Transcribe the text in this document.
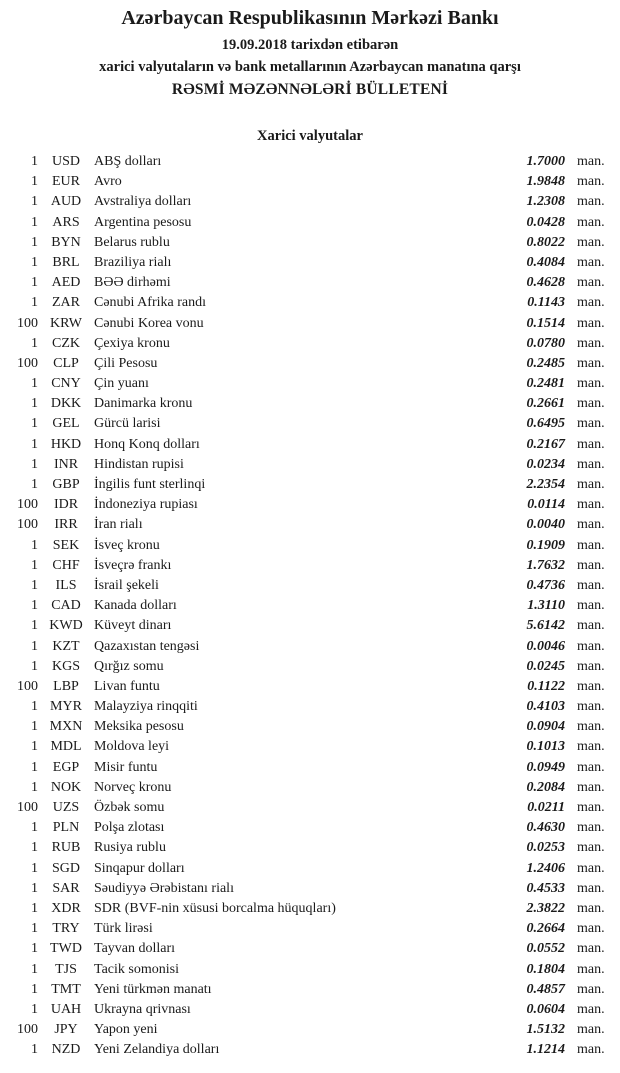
Azərbaycan Respublikasının Mərkəzi Bankı
19.09.2018 tarixdən etibarən
xarici valyutaların və bank metallarının Azərbaycan manatına qarşı
RƏSMİ MƏZƏNNƏLƏRİ BÜLLETENİ
Xarici valyutalar
1 USD	ABŞ dolları	1.7000 man.
1	EUR	Avro	1.9848 man.
1 AUD Avstraliya dolları	1.2308 man.
1	ARS	Argentina pesosu	0.0428 man.
1 BYN Belarus rublu	0.8022 man.
1	BRL	Braziliya rialı	0.4084 man.
1 AED BƏƏ dirhəmi	0.4628 man.
1	ZAR	Cənubi Afrika randı	0.1143 man.
100 KRW Cənubi Korea vonu	0.1514 man.
1	CZK	Çexiya kronu	0.0780 man.
100	CLP	Çili Pesosu	0.2485 man.
1 CNY Çin yuanı	0.2481 man.
1 DKK Danimarka kronu	0.2661 man.
1	GEL	Gürcü larisi	0.6495 man.
1 HKD Honq Konq dolları	0.2167 man.
1	INR	Hindistan rupisi	0.0234 man.
1	GBP	İngilis funt sterlinqi	2.2354 man.
100	IDR	İndoneziya rupiası	0.0114 man.
100	IRR	İran rialı	0.0040 man.
1	SEK	İsveç kronu	0.1909 man.
1	CHF	İsveçrə frankı	1.7632 man.
1	ILS	İsrail şekeli	0.4736 man.
1 CAD Kanada dolları	1.3110 man.
1 KWD Küveyt dinarı	5.6142 man.
1	KZT	Qazaxıstan tengəsi	0.0046 man.
1 KGS	Qırğız somu	0.0245 man.
100	LBP	Livan funtu	0.1122 man.
1 MYR Malayziya rinqqiti	0.4103 man.
1 MXN Meksika pesosu	0.0904 man.
1 MDL Moldova leyi	0.1013 man.
1	EGP	Misir funtu	0.0949 man.
1 NOK Norveç kronu	0.2084 man.
100	UZS	Özbək somu	0.0211 man.
1	PLN	Polşa zlotası	0.4630 man.
1 RUB Rusiya rublu	0.0253 man.
1 SGD	Sinqapur dolları	1.2406 man.
1	SAR	Səudiyyə Ərəbistanı rialı	0.4533 man.
1 XDR SDR (BVF-nin xüsusi borcalma hüquqları)	2.3822 man.
1	TRY	Türk lirəsi	0.2664 man.
1 TWD Tayvan dolları	0.0552 man.
1	TJS	Tacik somonisi	0.1804 man.
1 TMT Yeni türkmən manatı	0.4857 man.
1 UAH Ukrayna qrivnası	0.0604 man.
100	JPY	Yapon yeni	1.5132 man.
1 NZD Yeni Zelandiya dolları	1.1214 man.
